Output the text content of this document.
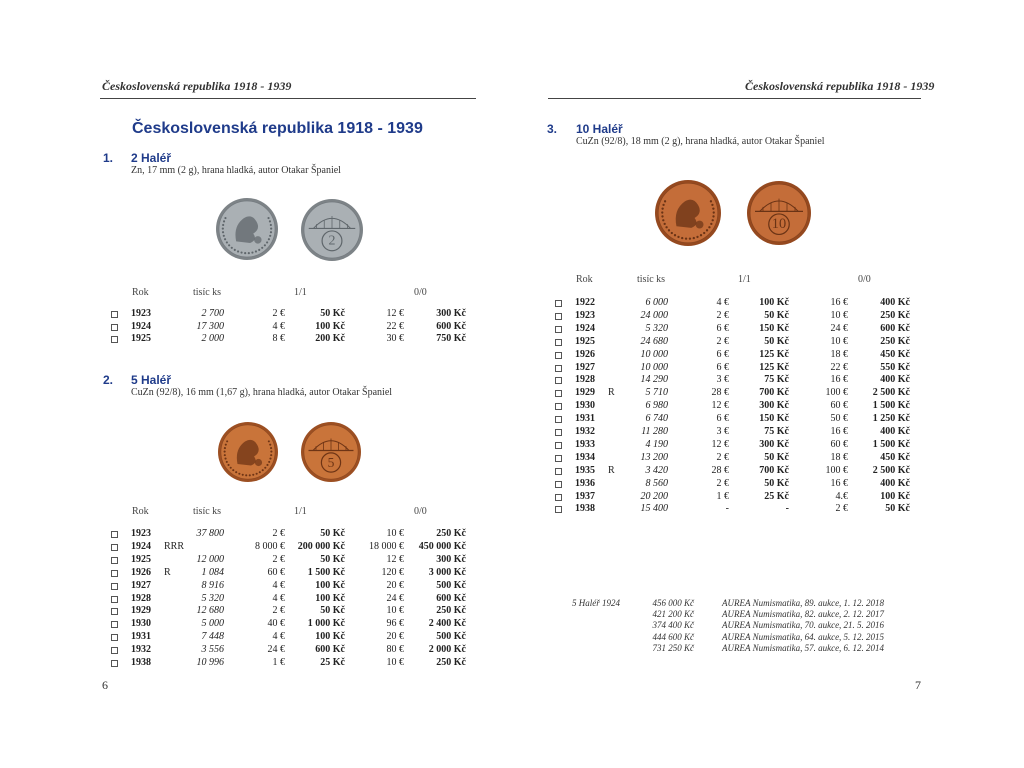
Československá republika 1918 - 1939
Československá republika 1918 - 1939
1. 2 Haléř
Zn, 17 mm (2 g), hrana hladká, autor Otakar Španiel
2
Rok	tisíc ks	1/1	0/0
1923	2 700	2 €	50 Kč	12 €	300 Kč
1924	17 300	4 €	100 Kč	22 €	600 Kč
1925	2 000	8 €	200 Kč	30 €	750 Kč
2. 5 Haléř
CuZn (92/8), 16 mm (1,67 g), hrana hladká, autor Otakar Španiel
5
Rok	tisíc ks	1/1	0/0
1923	37 800	2 €	50 Kč	10 €	250 Kč
1924 RRR	8 000 €	200 000 Kč	18 000 €	450 000 Kč
1925	12 000	2 €	50 Kč	12 €	300 Kč
1926 R	1 084	60 €	1 500 Kč	120 €	3 000 Kč
1927	8 916	4 €	100 Kč	20 €	500 Kč
1928	5 320	4 €	100 Kč	24 €	600 Kč
1929	12 680	2 €	50 Kč	10 €	250 Kč
1930	5 000	40 €	1 000 Kč	96 €	2 400 Kč
1931	7 448	4 €	100 Kč	20 €	500 Kč
1932	3 556	24 €	600 Kč	80 €	2 000 Kč
1938	10 996	1 €	25 Kč	10 €	250 Kč
6
Československá republika 1918 - 1939
3. 10 Haléř
CuZn (92/8), 18 mm (2 g), hrana hladká, autor Otakar Španiel
10
Rok	tisíc ks	1/1	0/0
1922	6 000	4 €	100 Kč	16 €	400 Kč
1923	24 000	2 €	50 Kč	10 €	250 Kč
1924	5 320	6 €	150 Kč	24 €	600 Kč
1925	24 680	2 €	50 Kč	10 €	250 Kč
1926	10 000	6 €	125 Kč	18 €	450 Kč
1927	10 000	6 €	125 Kč	22 €	550 Kč
1928	14 290	3 €	75 Kč	16 €	400 Kč
1929 R	5 710	28 €	700 Kč	100 €	2 500 Kč
1930	6 980	12 €	300 Kč	60 €	1 500 Kč
1931	6 740	6 €	150 Kč	50 €	1 250 Kč
1932	11 280	3 €	75 Kč	16 €	400 Kč
1933	4 190	12 €	300 Kč	60 €	1 500 Kč
1934	13 200	2 €	50 Kč	18 €	450 Kč
1935 R	3 420	28 €	700 Kč	100 €	2 500 Kč
1936	8 560	2 €	50 Kč	16 €	400 Kč
1937	20 200	1 €	25 Kč	4.€	100 Kč
1938	15 400	-	-	2 €	50 Kč
5 Haléř 1924	456 000 Kč	AUREA Numismatika, 89. aukce, 1. 12. 2018
421 200 Kč	AUREA Numismatika, 82. aukce, 2. 12. 2017
374 400 Kč	AUREA Numismatika, 70. aukce, 21. 5. 2016
444 600 Kč	AUREA Numismatika, 64. aukce, 5. 12. 2015
731 250 Kč	AUREA Numismatika, 57. aukce, 6. 12. 2014
7
